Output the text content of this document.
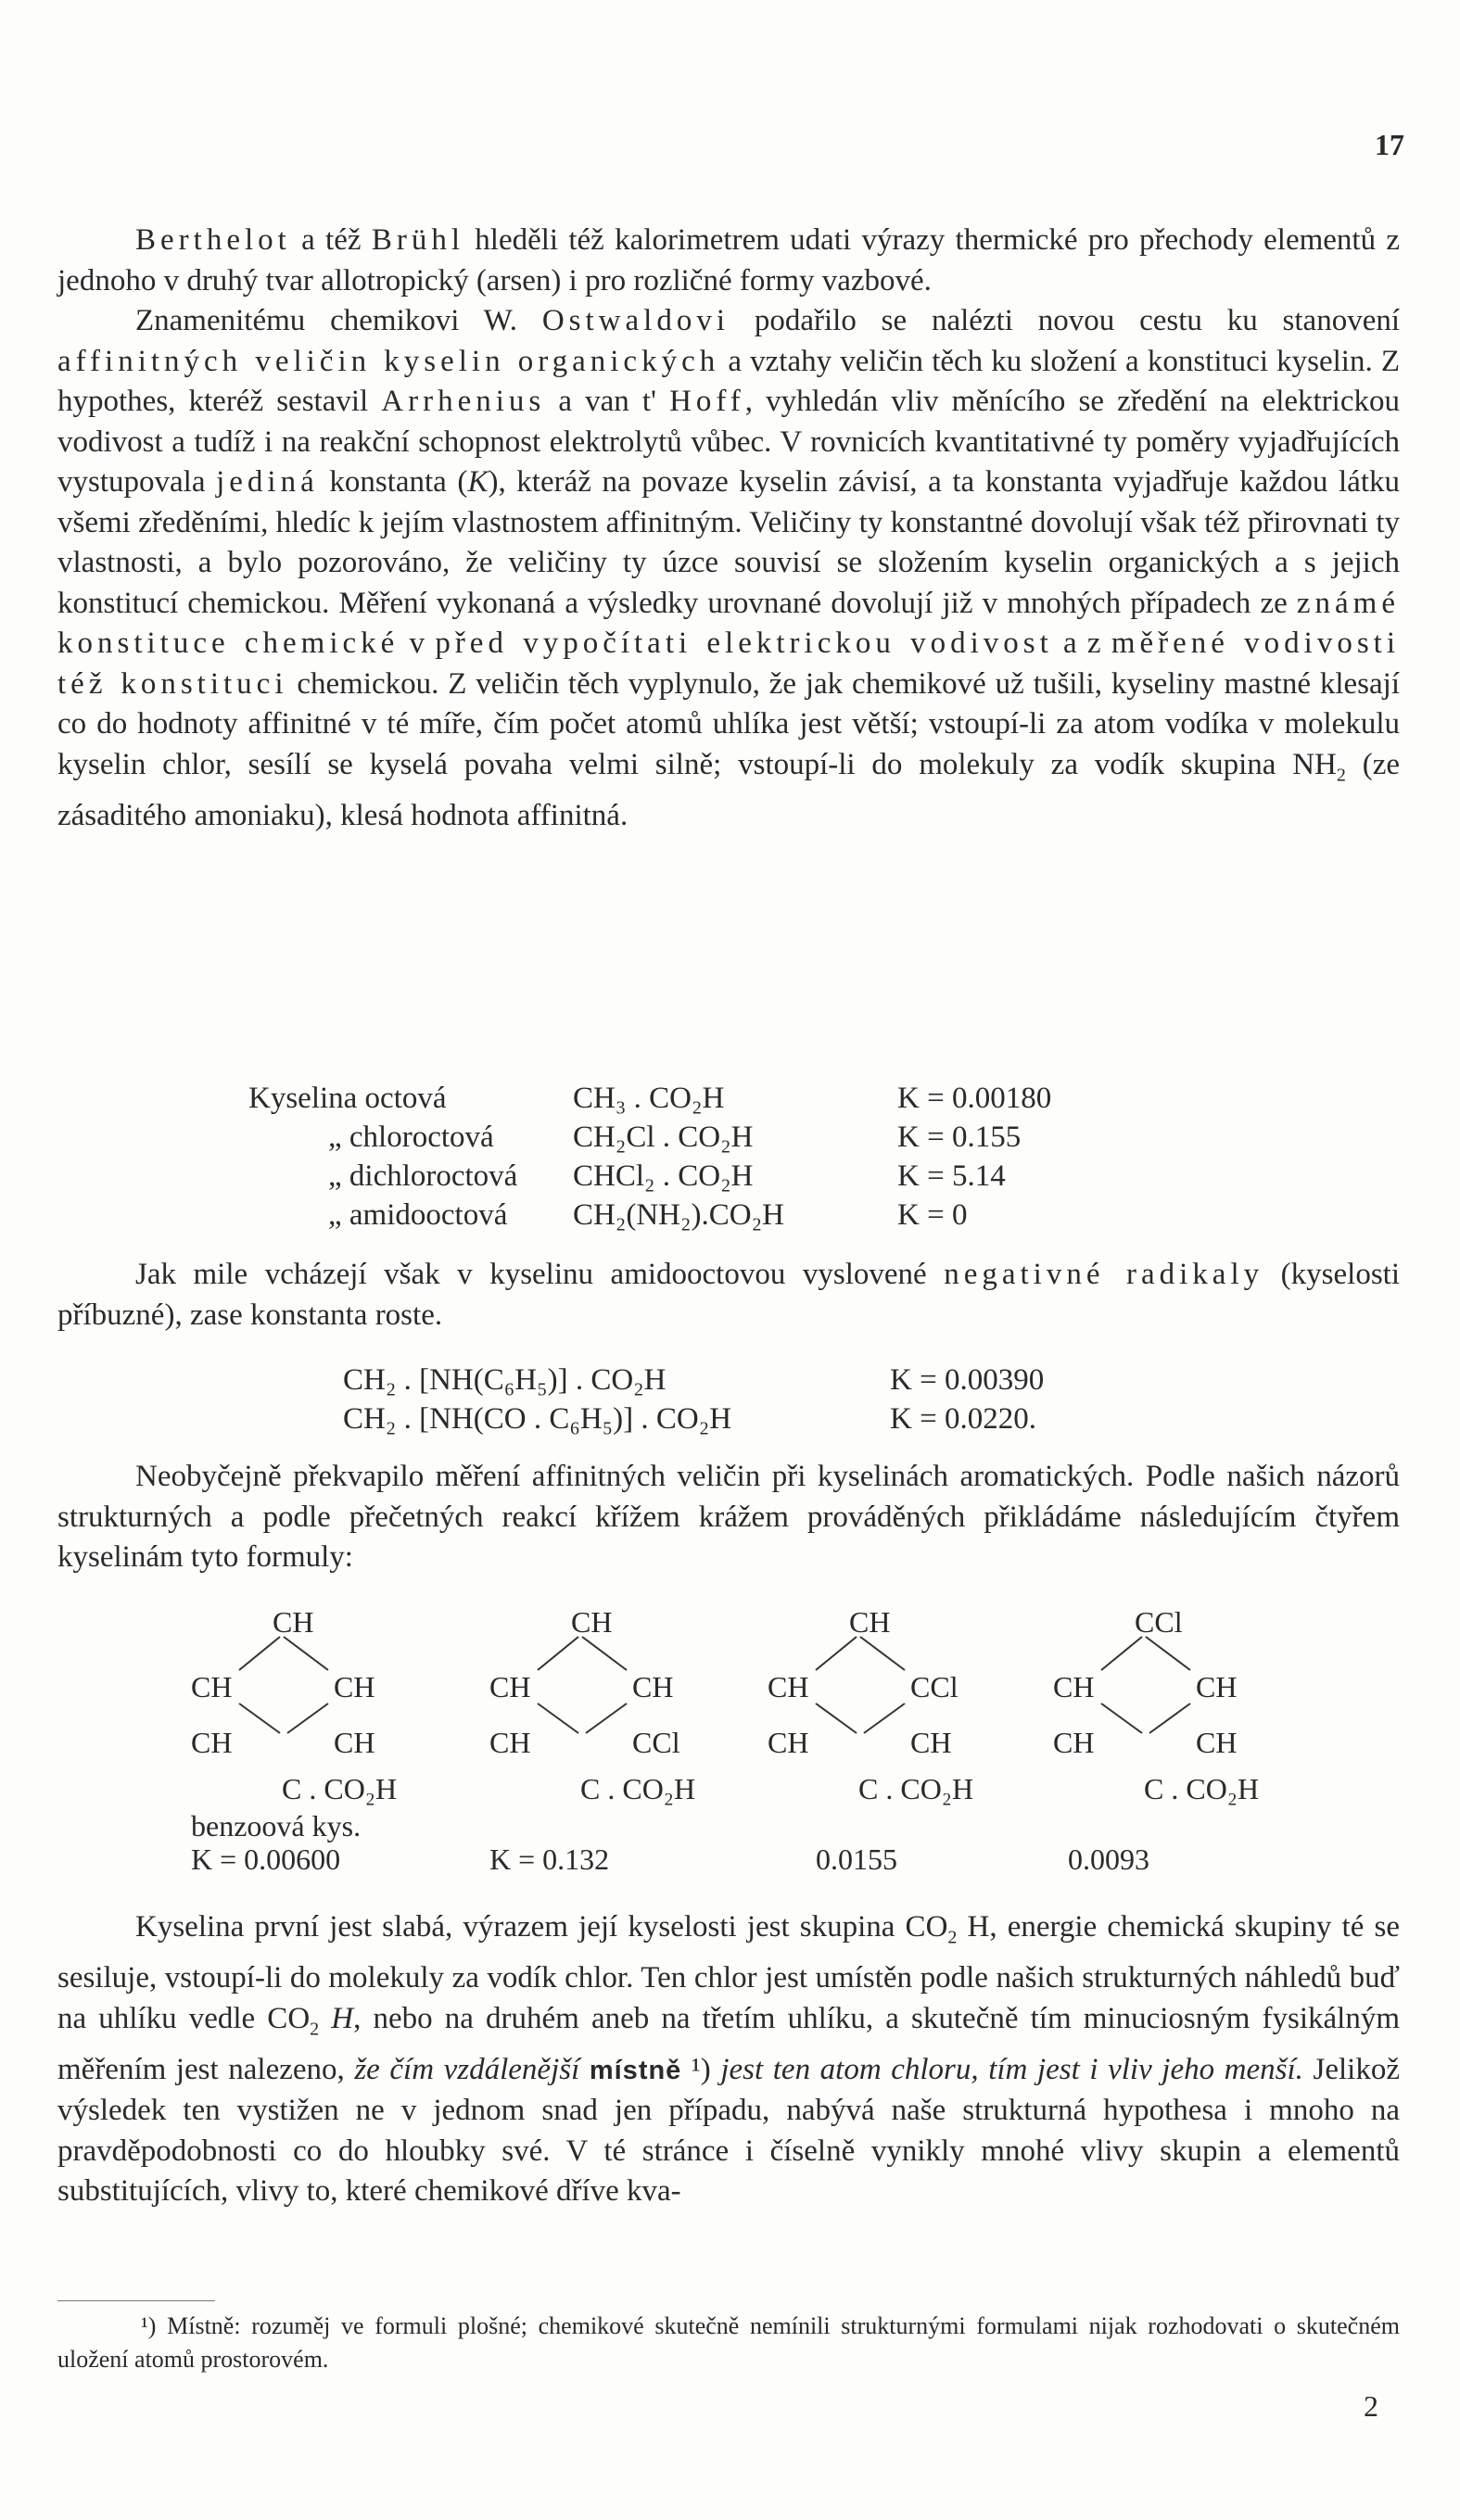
17

Berthelot a též Brühl hleděli též kalorimetrem udati výrazy thermické pro přechody elementů z jednoho v druhý tvar allotropický (arsen) i pro rozličné formy vazbové.

Znamenitému chemikovi W. Ostwaldovi podařilo se nalézti novou cestu ku stanovení affinitných veličin kyselin organických a vztahy veličin těch ku složení a konstituci kyselin. Z hypothes, kteréž sestavil Arrhenius a van t' Hoff, vyhledán vliv měnícího se zředění na elektrickou vodivost a tudíž i na reakční schopnost elektrolytů vůbec. V rovnicích kvantitativné ty poměry vyjadřujících vystupovala jediná konstanta (K), kteráž na povaze kyselin závisí, a ta konstanta vyjadřuje každou látku všemi zředěními, hledíc k jejím vlastnostem affinitným. Veličiny ty konstantné dovolují však též přirovnati ty vlastnosti, a bylo pozorováno, že veličiny ty úzce souvisí se složením kyselin organických a s jejich konstitucí chemickou. Měření vykonaná a výsledky urovnané dovolují již v mnohých případech ze známé konstituce chemické v před vypočítati elektrickou vodivost a z měřené vodivosti též konstituci chemickou. Z veličin těch vyplynulo, že jak chemikové už tušili, kyseliny mastné klesají co do hodnoty affinitné v té míře, čím počet atomů uhlíka jest větší; vstoupí-li za atom vodíka v molekulu kyselin chlor, sesílí se kyselá povaha velmi silně; vstoupí-li do molekuly za vodík skupina $NH_2$ (ze zásaditého amoniaku), klesá hodnota affinitná.

Kyselina octová	CH₃ . CO₂H	K = 0.00180
„ chloroctová	CH₂Cl . CO₂H	K = 0.155
„ dichloroctová	CHCl₂ . CO₂H	K = 5.14
„ amidooctová	CH₂(NH₂).CO₂H	K = 0

Jak mile vcházejí však v kyselinu amidooctovou vyslovené negativné radikaly (kyselosti příbuzné), zase konstanta roste.

CH₂ . [NH(C₆H₅)] . CO₂H	K = 0.00390
CH₂ . [NH(CO . C₆H₅)] . CO₂H	K = 0.0220.

Neobyčejně překvapilo měření affinitných veličin při kyselinách aromatických. Podle našich názorů strukturných a podle přečetných reakcí křížem krážem prováděných přikládáme následujícím čtyřem kyselinám tyto formuly:

CH
CH	CH
CH	CH
C . CO₂H
benzoová kys.
K = 0.00600
CH
CH	CH
CH	CCl
C . CO₂H
K = 0.132
CH
CH	CCl
CH	CH
C . CO₂H
0.0155
CCl
CH	CH
CH	CH
C . CO₂H
0.0093

Kyselina první jest slabá, výrazem její kyselosti jest skupina $CO_2$ H, energie chemická skupiny té se sesiluje, vstoupí-li do molekuly za vodík chlor. Ten chlor jest umístěn podle našich strukturných náhledů buď na uhlíku vedle $CO_2$ H, nebo na druhém aneb na třetím uhlíku, a skutečně tím minuciosným fysikálným měřením jest nalezeno, že čím vzdálenější místně ¹) jest ten atom chloru, tím jest i vliv jeho menší. Jelikož výsledek ten vystižen ne v jednom snad jen případu, nabývá naše strukturná hypothesa i mnoho na pravděpodobnosti co do hloubky své. V té stránce i číselně vynikly mnohé vlivy skupin a elementů substitujících, vlivy to, které chemikové dříve kva-

¹) Místně: rozuměj ve formuli plošné; chemikové skutečně nemínili strukturnými formulami nijak rozhodovati o skutečném uložení atomů prostorovém.
2
